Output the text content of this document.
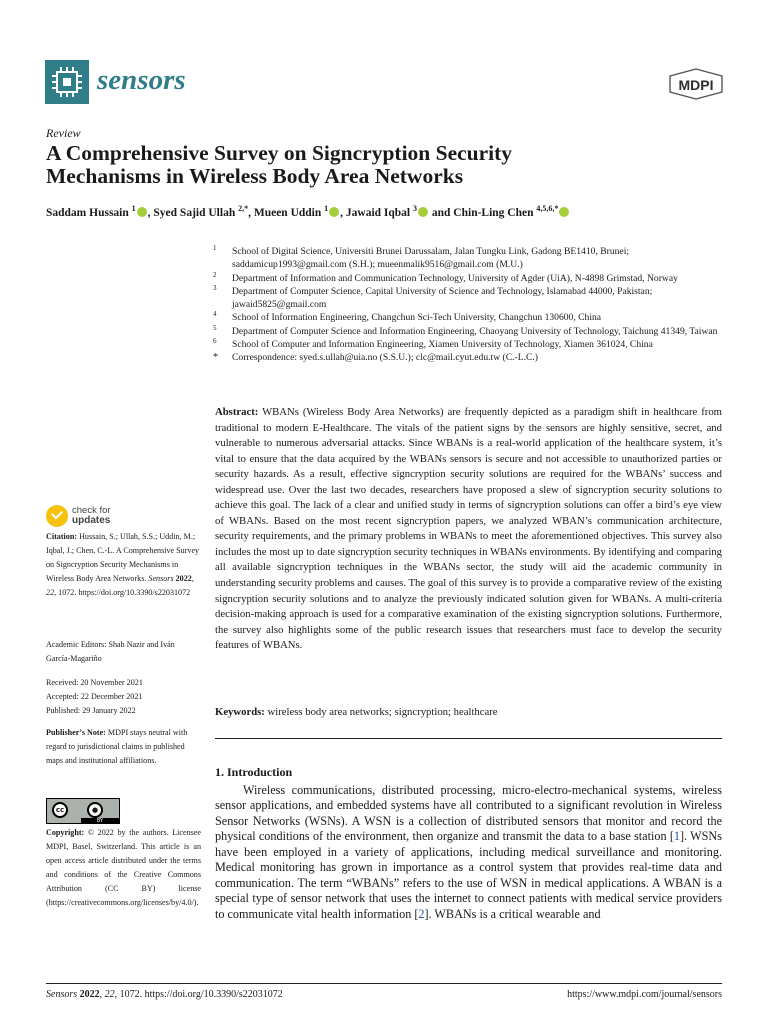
sensors	MDPI
Review
A Comprehensive Survey on Signcryption Security
Mechanisms in Wireless Body Area Networks
Saddam Hussain $^1$ , Syed Sajid Ullah $^{2,*}$, Mueen Uddin $^1$ , Jawaid Iqbal $^3$ and Chin-Ling Chen $^{4,5,6,*}$
1 School of Digital Science, Universiti Brunei Darussalam, Jalan Tungku Link, Gadong BE1410, Brunei; saddamicup1993@gmail.com (S.H.); mueenmalik9516@gmail.com (M.U.)
2 Department of Information and Communication Technology, University of Agder (UiA), N-4898 Grimstad, Norway
3 Department of Computer Science, Capital University of Science and Technology, Islamabad 44000, Pakistan; jawaid5825@gmail.com
4 School of Information Engineering, Changchun Sci-Tech University, Changchun 130600, China
5 Department of Computer Science and Information Engineering, Chaoyang University of Technology, Taichung 41349, Taiwan
6 School of Computer and Information Engineering, Xiamen University of Technology, Xiamen 361024, China
* Correspondence: syed.s.ullah@uia.no (S.S.U.); clc@mail.cyut.edu.tw (C.-L.C.)
Abstract: WBANs (Wireless Body Area Networks) are frequently depicted as a paradigm shift in healthcare from traditional to modern E-Healthcare. The vitals of the patient signs by the sensors are highly sensitive, secret, and vulnerable to numerous adversarial attacks. Since WBANs is a real-world application of the healthcare system, it’s vital to ensure that the data acquired by the WBANs sensors is secure and not accessible to unauthorized parties or security hazards. As a result, effective signcryption security solutions are required for the WBANs’ success and widespread use. Over the last two decades, researchers have proposed a slew of signcryption security solutions to achieve this goal. The lack of a clear and unified study in terms of signcryption solutions can offer a bird’s eye view of WBANs. Based on the most recent signcryption papers, we analyzed WBAN’s communication architecture, security requirements, and the primary problems in WBANs to meet the aforementioned objectives. This survey also includes the most up to date signcryption security techniques in WBANs environments. By identifying and comparing all available signcryption techniques in the WBANs sector, the study will aid the academic community in understanding security problems and causes. The goal of this survey is to provide a comparative review of the existing signcryption security solutions and to analyze the previously indicated solution given for WBANs. A multi-criteria decision-making approach is used for a comparative examination of the existing signcryption solutions. Furthermore, the survey also highlights some of the public research issues that researchers must face to develop the security features of WBANs.
Keywords: wireless body area networks; signcryption; healthcare
1. Introduction
Wireless communications, distributed processing, micro-electro-mechanical systems, wireless sensor applications, and embedded systems have all contributed to a significant revolution in Wireless Sensor Networks (WSNs). A WSN is a collection of distributed sensors that monitor and record the physical conditions of the environment, then organize and transmit the data to a base station [1]. WSNs have been employed in a variety of applications, including medical surveillance and monitoring. Medical monitoring has grown in importance as a control system that provides real-time data and communication. The term “WBANs” refers to the use of WSN in medical applications. A WBAN is a special type of sensor network that uses the internet to connect patients with medical service providers to communicate vital health information [2]. WBANs is a critical wearable and
check for
updates
Citation: Hussain, S.; Ullah, S.S.; Uddin, M.; Iqbal, J.; Chen, C.-L. A Comprehensive Survey on Signcryption Security Mechanisms in Wireless Body Area Networks. Sensors 2022, 22, 1072. https://doi.org/10.3390/s22031072
Academic Editors: Shah Nazir and Iván García-Magariño
Received: 20 November 2021
Accepted: 22 December 2021
Published: 29 January 2022
Publisher’s Note: MDPI stays neutral with regard to jurisdictional claims in published maps and institutional affiliations.
cc	●
BY
Copyright: © 2022 by the authors. Licensee MDPI, Basel, Switzerland. This article is an open access article distributed under the terms and conditions of the Creative Commons Attribution (CC BY) license (https://creativecommons.org/licenses/by/4.0/).
Sensors 2022, 22, 1072. https://doi.org/10.3390/s22031072	https://www.mdpi.com/journal/sensors
